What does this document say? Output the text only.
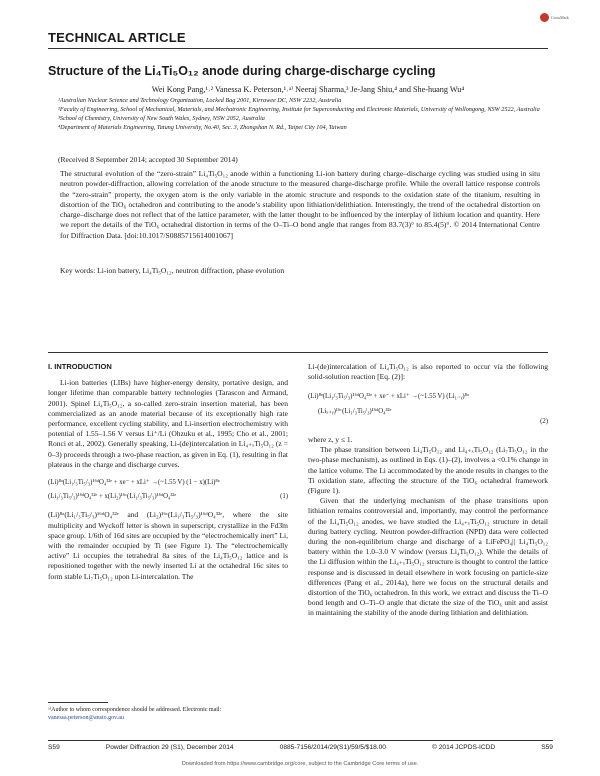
CrossMark
TECHNICAL ARTICLE
Structure of the Li₄Ti₅O₁₂ anode during charge-discharge cycling
Wei Kong Pang,¹˒² Vanessa K. Peterson,¹˒ᵃ⁾ Neeraj Sharma,³ Je-Jang Shiu,⁴ and She-huang Wu⁴
¹Australian Nuclear Science and Technology Organization, Locked Bag 2001, Kirrawee DC, NSW 2232, Australia
²Faculty of Engineering, School of Mechanical, Materials, and Mechatronic Engineering, Institute for Superconducting and Electronic Materials, University of Wollongong, NSW 2522, Australia
³School of Chemistry, University of New South Wales, Sydney, NSW 2052, Australia
⁴Department of Materials Engineering, Tatung University, No.40, Sec. 3, Zhongshan N. Rd., Taipei City 104, Taiwan
(Received 8 September 2014; accepted 30 September 2014)
The structural evolution of the “zero-strain” Li₄Ti₅O₁₂ anode within a functioning Li-ion battery during charge–discharge cycling was studied using in situ neutron powder-diffraction, allowing correlation of the anode structure to the measured charge-discharge profile. While the overall lattice response controls the “zero-strain” property, the oxygen atom is the only variable in the atomic structure and responds to the oxidation state of the titanium, resulting in distortion of the TiO₆ octahedron and contributing to the anode’s stability upon lithiation/delithiation. Interestingly, the trend of the octahedral distortion on charge–discharge does not reflect that of the lattice parameter, with the latter thought to be influenced by the interplay of lithium location and quantity. Here we report the details of the TiO₆ octahedral distortion in terms of the O–Ti–O bond angle that ranges from 83.7(3)° to 85.4(5)°. © 2014 International Centre for Diffraction Data. [doi:10.1017/S0885715614001067]
Key words: Li-ion battery, Li₄Ti₅O₁₂, neutron diffraction, phase evolution
I. INTRODUCTION

Li-ion batteries (LIBs) have higher-energy density, portative design, and longer lifetime than comparable battery technologies (Tarascon and Armand, 2001). Spinel Li₄Ti₅O₁₂, a so-called zero-strain insertion material, has been commercialized as an anode material because of its exceptionally high rate performance, excellent cycling stability, and Li-insertion electrochemistry with potential of 1.55–1.56 V versus Li⁺/Li (Ohzuku et al., 1995; Cho et al., 2001; Ronci et al., 2002). Generally speaking, Li-(de)intercalation in Li₄₊ₓTi₅O₁₂ (z = 0–3) proceeds through a two-phase reaction, as given in Eq. (1), resulting in flat plateaus in the charge and discharge curves.

(Li)⁸ᵃ(Li₁/₃Ti₅/₃)¹⁶ᵈO₄³²ᵉ + xe⁻ + xLi⁺ →(~1.55 V) (1 − x)(Li)⁸ᵃ
(Li₁/₃Ti₅/₃)¹⁶ᵈO₄³²ᵉ + x(Li₂)¹⁶ᶜ(Li₁/₃Ti₅/₃)¹⁶ᵈO₄³²ᵉ	(1)

(Li)⁸ᵃ(Li₁/₃Ti₅/₃)¹⁶ᵈO₄³²ᵉ and (Li₂)¹⁶ᶜ(Li₁/₃Ti₅/₃)¹⁶ᵈO₄³²ᵉ, where the site multiplicity and Wyckoff letter is shown in superscript, crystallize in the Fd3̄m space group. 1/6th of 16d sites are occupied by the “electrochemically inert” Li, with the remainder occupied by Ti (see Figure 1). The “electrochemically active” Li occupies the tetrahedral 8a sites of the Li₄Ti₅O₁₂ lattice and is repositioned together with the newly inserted Li at the octahedral 16c sites to form stable Li₇Ti₅O₁₂ upon Li-intercalation. The

Li-(de)intercalation of Li₄Ti₅O₁₂ is also reported to occur via the following solid-solution reaction [Eq. (2)]:

(Li)⁸ᵃ(Li₁/₃Ti₅/₃)¹⁶ᵈO₄³²ᵉ + xe⁻ + xLi⁺ →(~1.55 V) (Li₁₋ᵧ)⁸ᵃ
(Liₓ₊ᵧ)¹⁶ᶜ(Li₁/₃Ti₅/₃)¹⁶ᵈO₄³²ᵉ
(2)

where z, y ≤ 1.

The phase transition between Li₄Ti₅O₁₂ and Li₄₊ₓTi₅O₁₂ (Li₇Ti₅O₁₂ in the two-phase mechanism), as outlined in Eqs. (1)–(2), involves a <0.1% change in the lattice volume. The Li accommodated by the anode results in changes to the Ti oxidation state, affecting the structure of the TiO₆ octahedral framework (Figure 1).

Given that the underlying mechanism of the phase transitions upon lithiation remains controversial and, importantly, may control the performance of the Li₄Ti₅O₁₂ anodes, we have studied the Li₄₊ₓTi₅O₁₂ structure in detail during battery cycling. Neutron powder-diffraction (NPD) data were collected during the non-equilibrium charge and discharge of a LiFePO₄|| Li₄Ti₅O₁₂ battery within the 1.0–3.0 V window (versus Li₄Ti₅O₁₂). While the details of the Li diffusion within the Li₄₊ₓTi₅O₁₂ structure is thought to control the lattice response and is discussed in detail elsewhere in work focusing on particle-size differences (Pang et al., 2014a), here we focus on the structural details and distortion of the TiO₆ octahedron. In this work, we extract and discuss the Ti–O bond length and O–Ti–O angle that dictate the size of the TiO₆ unit and assist in maintaining the stability of the anode during lithiation and delithiation.

ᵃ⁾Author to whom correspondence should be addressed. Electronic mail: vanessa.peterson@ansto.gov.au
S59	Powder Diffraction 29 (S1), December 2014	0885-7156/2014/29(S1)/59/5/$18.00	© 2014 JCPDS-ICDD	S59
Downloaded from https://www.cambridge.org/core, subject to the Cambridge Core terms of use.
